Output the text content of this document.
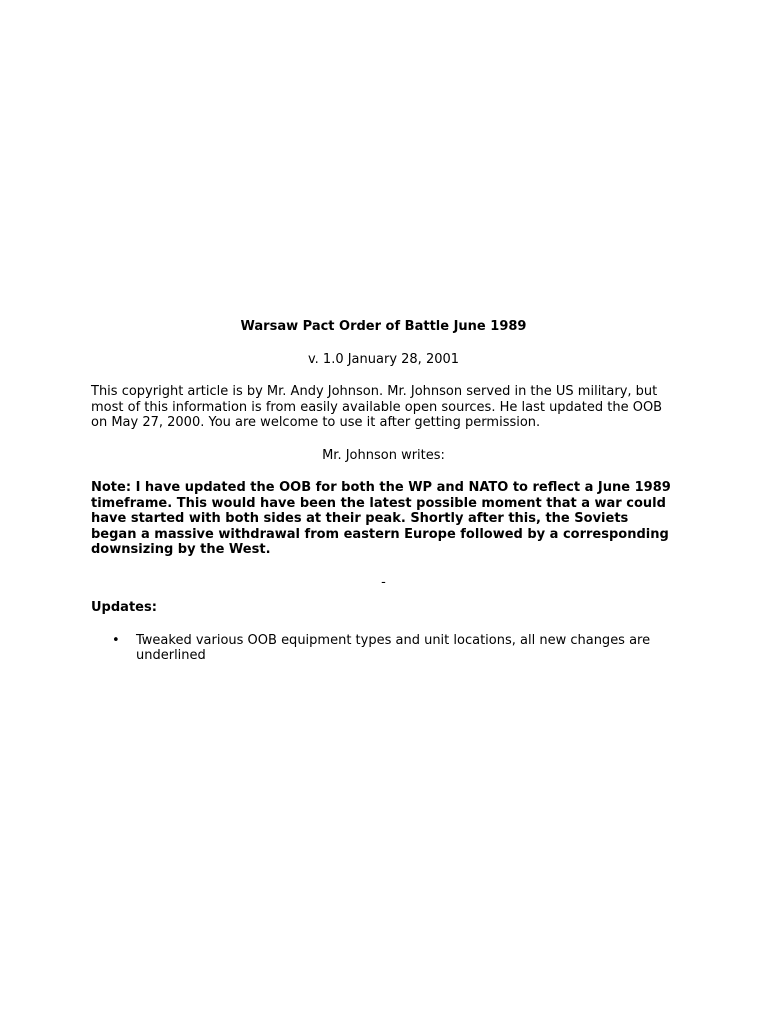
Warsaw Pact Order of Battle June 1989
v. 1.0 January 28, 2001
This copyright article is by Mr. Andy Johnson. Mr. Johnson served in the US military, but most of this information is from easily available open sources. He last updated the OOB on May 27, 2000. You are welcome to use it after getting permission.
Mr. Johnson writes:
Note: I have updated the OOB for both the WP and NATO to reflect a June 1989 timeframe. This would have been the latest possible moment that a war could have started with both sides at their peak. Shortly after this, the Soviets began a massive withdrawal from eastern Europe followed by a corresponding downsizing by the West.
-
Updates:
• Tweaked various OOB equipment types and unit locations, all new changes are underlined
